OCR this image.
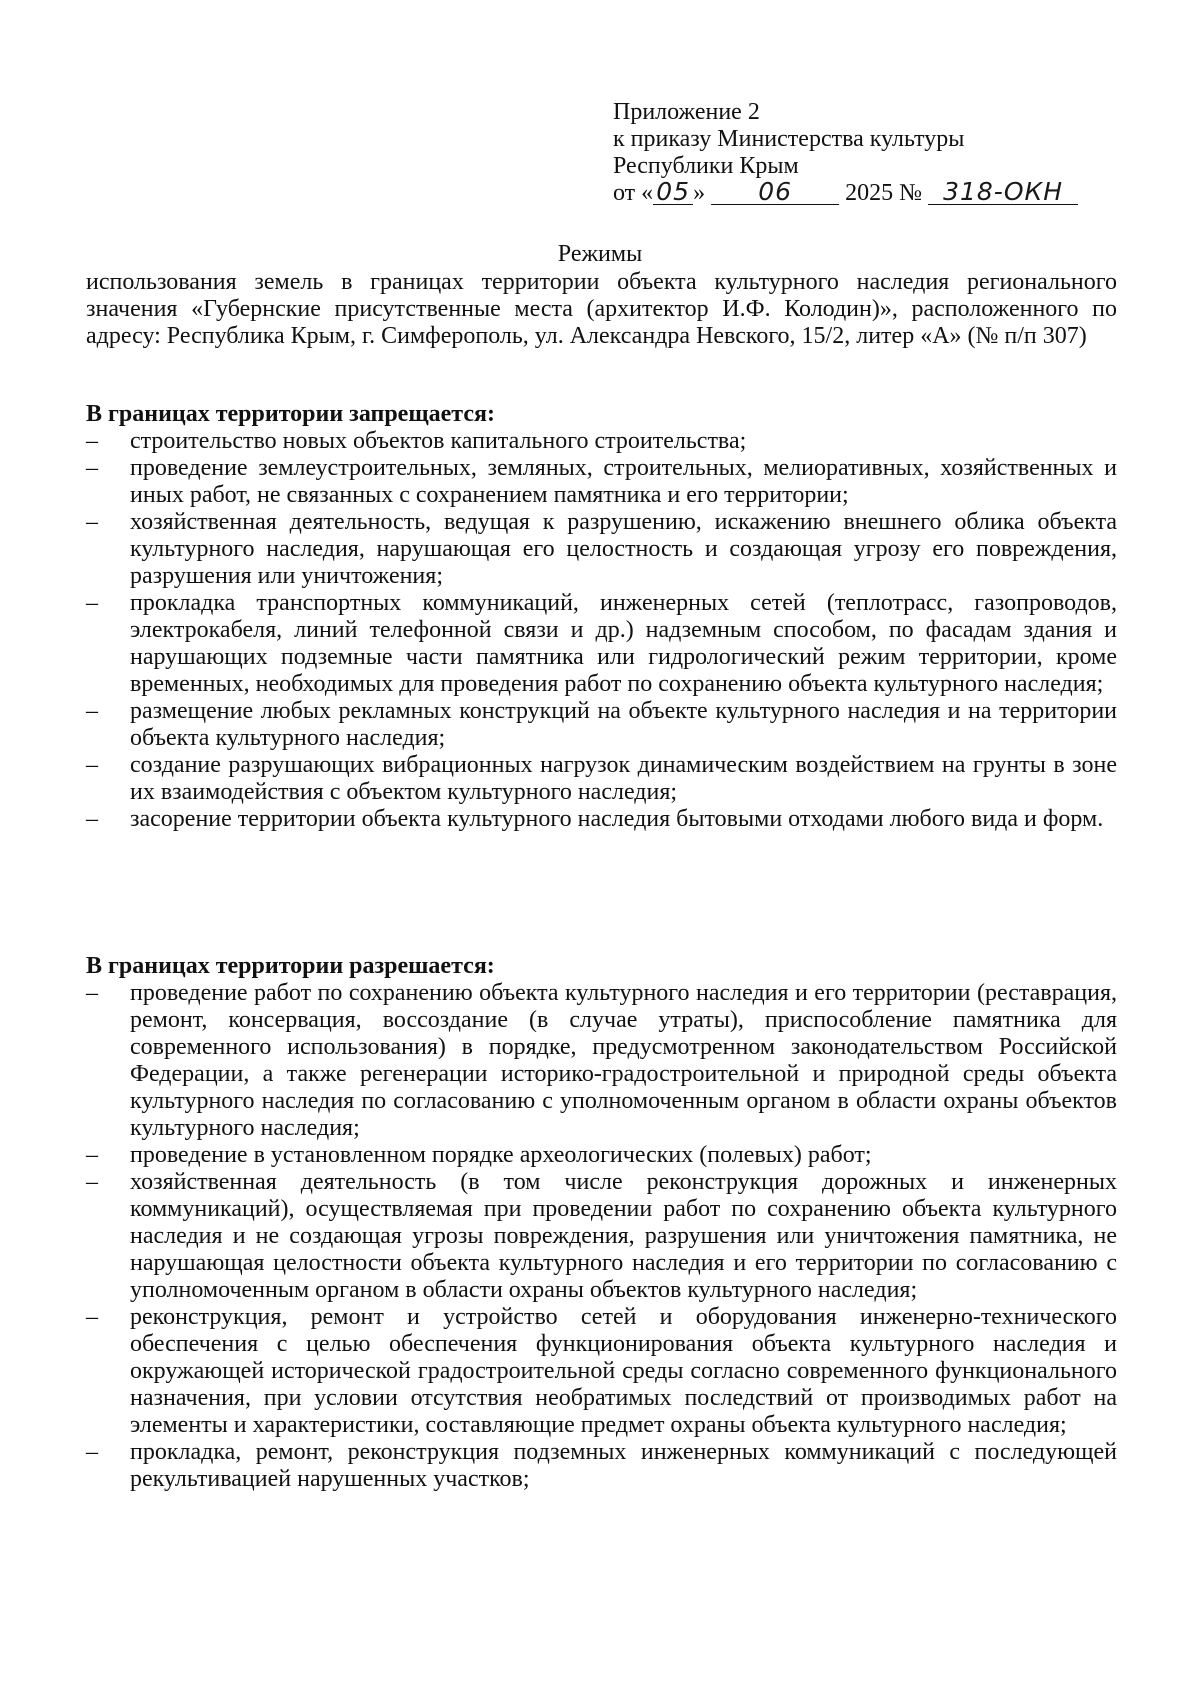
Приложение 2
к приказу Министерства культуры
Республики Крым
от « 05 » 06 2025 № 318-ОКН
Режимы

использования земель в границах территории объекта культурного наследия регионального значения «Губернские присутственные места (архитектор И.Ф. Колодин)», расположенного по адресу: Республика Крым, г. Симферополь, ул. Александра Невского, 15/2, литер «А» (№ п/п 307)

В границах территории запрещается:
– строительство новых объектов капитального строительства;
– проведение землеустроительных, земляных, строительных, мелиоративных, хозяйственных и иных работ, не связанных с сохранением памятника и его территории;
– хозяйственная деятельность, ведущая к разрушению, искажению внешнего облика объекта культурного наследия, нарушающая его целостность и создающая угрозу его повреждения, разрушения или уничтожения;
– прокладка транспортных коммуникаций, инженерных сетей (теплотрасс, газопроводов, электрокабеля, линий телефонной связи и др.) надземным способом, по фасадам здания и нарушающих подземные части памятника или гидрологический режим территории, кроме временных, необходимых для проведения работ по сохранению объекта культурного наследия;
– размещение любых рекламных конструкций на объекте культурного наследия и на территории объекта культурного наследия;
– создание разрушающих вибрационных нагрузок динамическим воздействием на грунты в зоне их взаимодействия с объектом культурного наследия;
– засорение территории объекта культурного наследия бытовыми отходами любого вида и форм.
В границах территории разрешается:
– проведение работ по сохранению объекта культурного наследия и его территории (реставрация, ремонт, консервация, воссоздание (в случае утраты), приспособление памятника для современного использования) в порядке, предусмотренном законодательством Российской Федерации, а также регенерации историко-градостроительной и природной среды объекта культурного наследия по согласованию с уполномоченным органом в области охраны объектов культурного наследия;
– проведение в установленном порядке археологических (полевых) работ;
– хозяйственная деятельность (в том числе реконструкция дорожных и инженерных коммуникаций), осуществляемая при проведении работ по сохранению объекта культурного наследия и не создающая угрозы повреждения, разрушения или уничтожения памятника, не нарушающая целостности объекта культурного наследия и его территории по согласованию с уполномоченным органом в области охраны объектов культурного наследия;
– реконструкция, ремонт и устройство сетей и оборудования инженерно-технического обеспечения с целью обеспечения функционирования объекта культурного наследия и окружающей исторической градостроительной среды согласно современного функционального назначения, при условии отсутствия необратимых последствий от производимых работ на элементы и характеристики, составляющие предмет охраны объекта культурного наследия;
– прокладка, ремонт, реконструкция подземных инженерных коммуникаций с последующей рекультивацией нарушенных участков;
